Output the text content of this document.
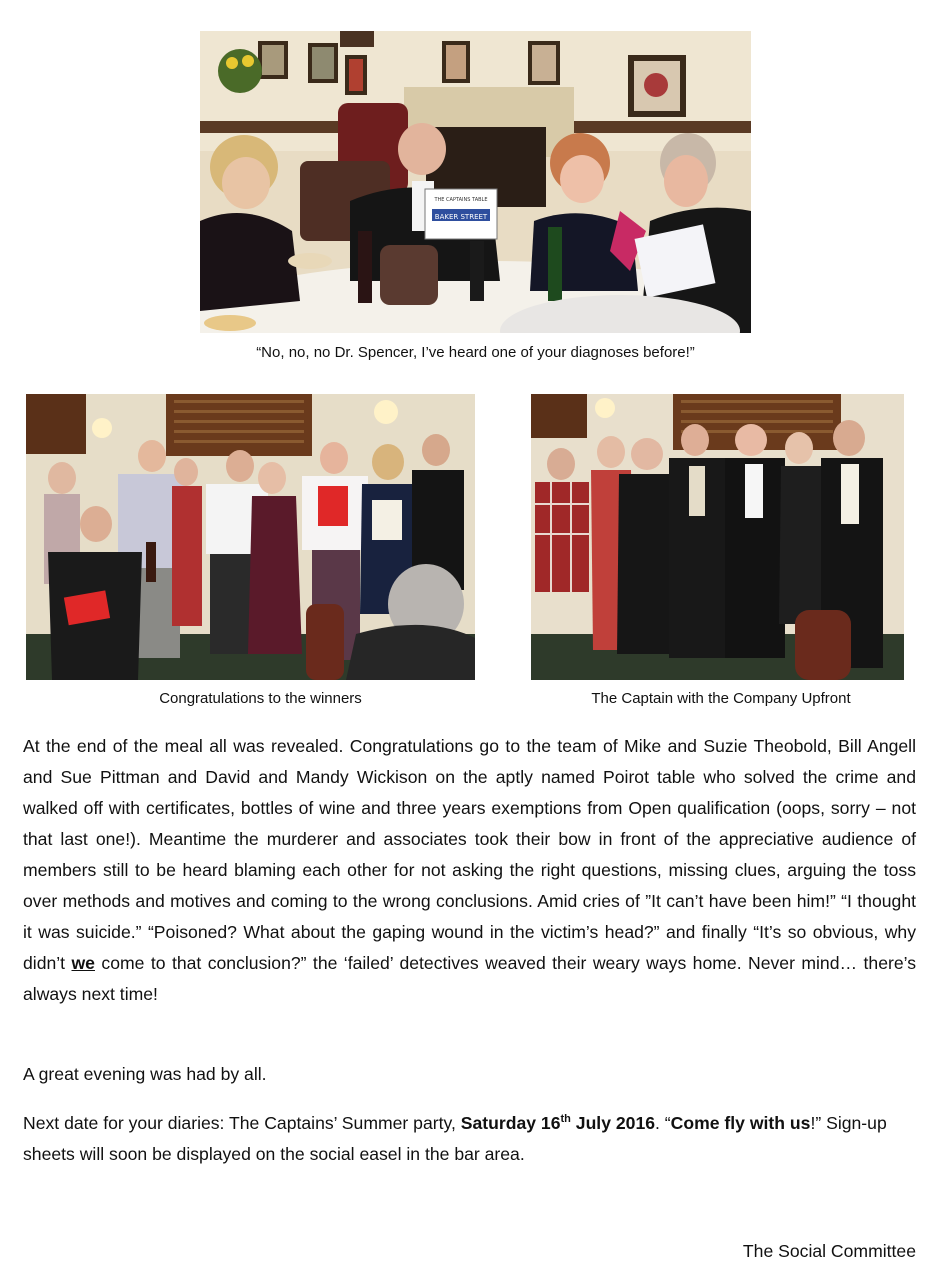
THE CAPTAINS TABLE
BAKER STREET
“No, no, no Dr. Spencer, I’ve heard one of your diagnoses before!”
Congratulations to the winners	The Captain with the Company Upfront
At the end of the meal all was revealed. Congratulations go to the team of Mike and Suzie Theobold, Bill Angell and Sue Pittman and David and Mandy Wickison on the aptly named Poirot table who solved the crime and walked off with certificates, bottles of wine and three years exemptions from Open qualification (oops, sorry – not that last one!). Meantime the murderer and associates took their bow in front of the appreciative audience of members still to be heard blaming each other for not asking the right questions, missing clues, arguing the toss over methods and motives and coming to the wrong conclusions. Amid cries of ”It can’t have been him!” “I thought it was suicide.” “Poisoned? What about the gaping wound in the victim’s head?” and finally “It’s so obvious, why didn’t we come to that conclusion?” the ‘failed’ detectives weaved their weary ways home. Never mind… there’s always next time!
A great evening was had by all.
Next date for your diaries: The Captains’ Summer party, Saturday 16th July 2016. “Come fly with us!” Sign-up sheets will soon be displayed on the social easel in the bar area.
The Social Committee
